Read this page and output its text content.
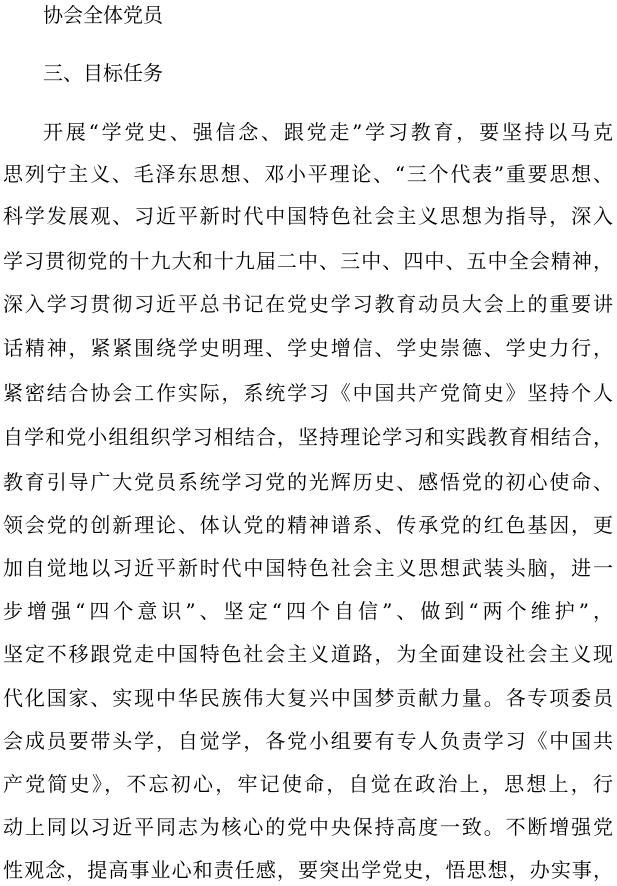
协会全体党员
三、目标任务
开展“学党史、强信念、跟党走”学习教育，要坚持以马克
思列宁主义、毛泽东思想、邓小平理论、“三个代表”重要思想、
科学发展观、习近平新时代中国特色社会主义思想为指导，深入
学习贯彻党的十九大和十九届二中、三中、四中、五中全会精神，
深入学习贯彻习近平总书记在党史学习教育动员大会上的重要讲
话精神，紧紧围绕学史明理、学史增信、学史崇德、学史力行，
紧密结合协会工作实际，系统学习《中国共产党简史》坚持个人
自学和党小组组织学习相结合，坚持理论学习和实践教育相结合，
教育引导广大党员系统学习党的光辉历史、感悟党的初心使命、
领会党的创新理论、体认党的精神谱系、传承党的红色基因，更
加自觉地以习近平新时代中国特色社会主义思想武装头脑，进一
步增强“四个意识”、坚定“四个自信”、做到“两个维护”，
坚定不移跟党走中国特色社会主义道路，为全面建设社会主义现
代化国家、实现中华民族伟大复兴中国梦贡献力量。各专项委员
会成员要带头学，自觉学，各党小组要有专人负责学习《中国共
产党简史》，不忘初心，牢记使命，自觉在政治上，思想上，行
动上同以习近平同志为核心的党中央保持高度一致。不断增强党
性观念，提高事业心和责任感，要突出学党史，悟思想，办实事，
